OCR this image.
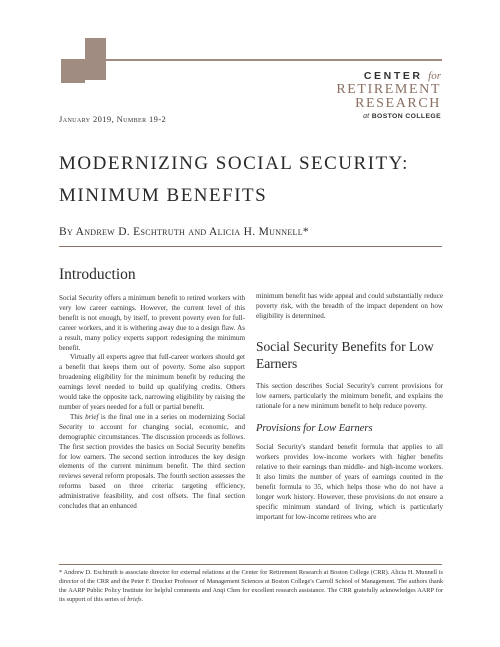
CENTER for
RETIREMENT
RESEARCH
at BOSTON COLLEGE
January 2019, Number 19-2
MODERNIZING SOCIAL SECURITY:
MINIMUM BENEFITS
By Andrew D. Eschtruth and Alicia H. Munnell*
Introduction

Social Security offers a minimum benefit to retired workers with very low career earnings. However, the current level of this benefit is not enough, by itself, to prevent poverty even for full-career workers, and it is withering away due to a design flaw. As a result, many policy experts support redesigning the minimum benefit.

Virtually all experts agree that full-career workers should get a benefit that keeps them out of poverty. Some also support broadening eligibility for the minimum benefit by reducing the earnings level needed to build up qualifying credits. Others would take the opposite tack, narrowing eligibility by raising the number of years needed for a full or partial benefit.

This brief is the final one in a series on modernizing Social Security to account for changing social, economic, and demographic circumstances. The discussion proceeds as follows. The first section provides the basics on Social Security benefits for low earners. The second section introduces the key design elements of the current minimum benefit. The third section reviews several reform proposals. The fourth section assesses the reforms based on three criteria: targeting efficiency, administrative feasibility, and cost offsets. The final section concludes that an enhanced

minimum benefit has wide appeal and could substantially reduce poverty risk, with the breadth of the impact dependent on how eligibility is determined.

Social Security Benefits for Low Earners

This section describes Social Security's current provisions for low earners, particularly the minimum benefit, and explains the rationale for a new minimum benefit to help reduce poverty.

Provisions for Low Earners

Social Security's standard benefit formula that applies to all workers provides low-income workers with higher benefits relative to their earnings than middle- and high-income workers. It also limits the number of years of earnings counted in the benefit formula to 35, which helps those who do not have a longer work history. However, these provisions do not ensure a specific minimum standard of living, which is particularly important for low-income retirees who are

* Andrew D. Eschtruth is associate director for external relations at the Center for Retirement Research at Boston College (CRR). Alicia H. Munnell is director of the CRR and the Peter F. Drucker Professor of Management Sciences at Boston College's Carroll School of Management. The authors thank the AARP Public Policy Institute for helpful comments and Anqi Chen for excellent research assistance. The CRR gratefully acknowledges AARP for its support of this series of briefs.
